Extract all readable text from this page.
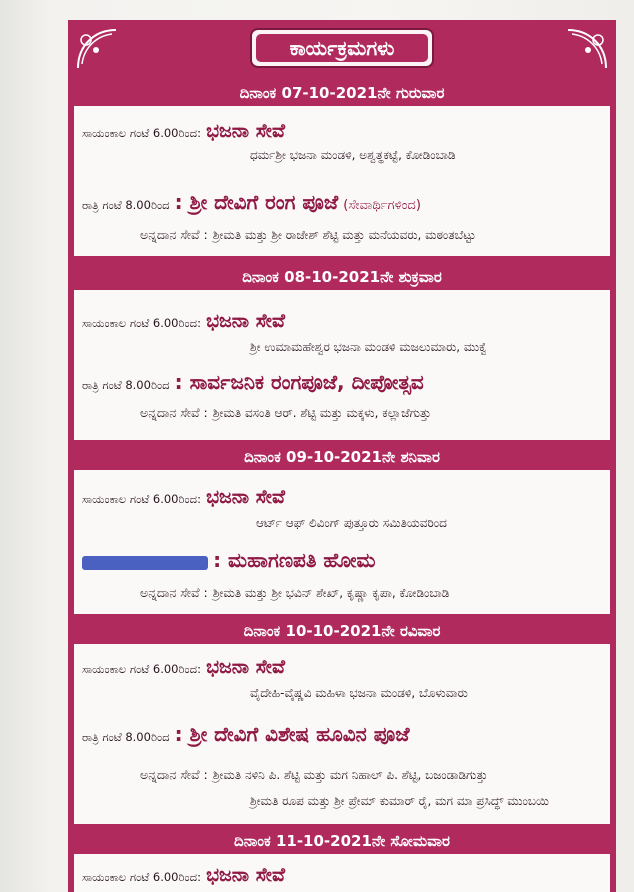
ಕಾರ್ಯಕ್ರಮಗಳು
ದಿನಾಂಕ 07-10-2021ನೇ ಗುರುವಾರ
ಸಾಯಂಕಾಲ ಗಂಟೆ 6.00ರಿಂದ: ಭಜನಾ ಸೇವೆ
ಧರ್ಮಶ್ರೀ ಭಜನಾ ಮಂಡಳಿ, ಅಶ್ವತ್ಥಕಟ್ಟೆ, ಕೋಡಿಂಬಾಡಿ
ರಾತ್ರಿ ಗಂಟೆ 8.00ರಿಂದ : ಶ್ರೀ ದೇವಿಗೆ ರಂಗ ಪೂಜೆ (ಸೇವಾರ್ಥಿಗಳಿಂದ)
ಅನ್ನದಾನ ಸೇವೆ : ಶ್ರೀಮತಿ ಮತ್ತು ಶ್ರೀ ರಾಜೇಶ್ ಶೆಟ್ಟಿ ಮತ್ತು ಮನೆಯವರು, ಮಠಂತಬೆಟ್ಟು
ದಿನಾಂಕ 08-10-2021ನೇ ಶುಕ್ರವಾರ
ಸಾಯಂಕಾಲ ಗಂಟೆ 6.00ರಿಂದ: ಭಜನಾ ಸೇವೆ
ಶ್ರೀ ಉಮಾಮಹೇಶ್ವರ ಭಜನಾ ಮಂಡಳಿ ಮಜಲುಮಾರು, ಮುಕ್ವೆ
ರಾತ್ರಿ ಗಂಟೆ 8.00ರಿಂದ : ಸಾರ್ವಜನಿಕ ರಂಗಪೂಜೆ, ದೀಪೋತ್ಸವ
ಅನ್ನದಾನ ಸೇವೆ : ಶ್ರೀಮತಿ ವಸಂತಿ ಆರ್. ಶೆಟ್ಟಿ ಮತ್ತು ಮಕ್ಕಳು, ಕಲ್ಲಾಜೆಗುತ್ತು
ದಿನಾಂಕ 09-10-2021ನೇ ಶನಿವಾರ
ಸಾಯಂಕಾಲ ಗಂಟೆ 6.00ರಿಂದ: ಭಜನಾ ಸೇವೆ
ಆರ್ಟ್ ಆಫ್ ಲಿವಿಂಗ್ ಪುತ್ತೂರು ಸಮಿತಿಯವರಿಂದ
: ಮಹಾಗಣಪತಿ ಹೋಮ
ಅನ್ನದಾನ ಸೇವೆ : ಶ್ರೀಮತಿ ಮತ್ತು ಶ್ರೀ ಭವಿನ್ ಶೇಖ್, ಕೃಷ್ಣಾ ಕೃಪಾ, ಕೋಡಿಂಬಾಡಿ
ದಿನಾಂಕ 10-10-2021ನೇ ರವಿವಾರ
ಸಾಯಂಕಾಲ ಗಂಟೆ 6.00ರಿಂದ: ಭಜನಾ ಸೇವೆ
ವೈದೇಹಿ-ವೈಷ್ಣವಿ ಮಹಿಳಾ ಭಜನಾ ಮಂಡಳಿ, ಬೊಳುವಾರು
ರಾತ್ರಿ ಗಂಟೆ 8.00ರಿಂದ : ಶ್ರೀ ದೇವಿಗೆ ವಿಶೇಷ ಹೂವಿನ ಪೂಜೆ
ಅನ್ನದಾನ ಸೇವೆ : ಶ್ರೀಮತಿ ನಳಿನಿ ಪಿ. ಶೆಟ್ಟಿ ಮತ್ತು ಮಗ ನಿಹಾಲ್ ಪಿ. ಶೆಟ್ಟಿ, ಬಜಂಡಾಡಿಗುತ್ತು
ಶ್ರೀಮತಿ ರೂಪ ಮತ್ತು ಶ್ರೀ ಪ್ರೇಮ್ ಕುಮಾರ್ ರೈ, ಮಗ ಮಾ ಪ್ರಸಿದ್ಧ್ ಮುಂಬಯಿ
ದಿನಾಂಕ 11-10-2021ನೇ ಸೋಮವಾರ
ಸಾಯಂಕಾಲ ಗಂಟೆ 6.00ರಿಂದ: ಭಜನಾ ಸೇವೆ
